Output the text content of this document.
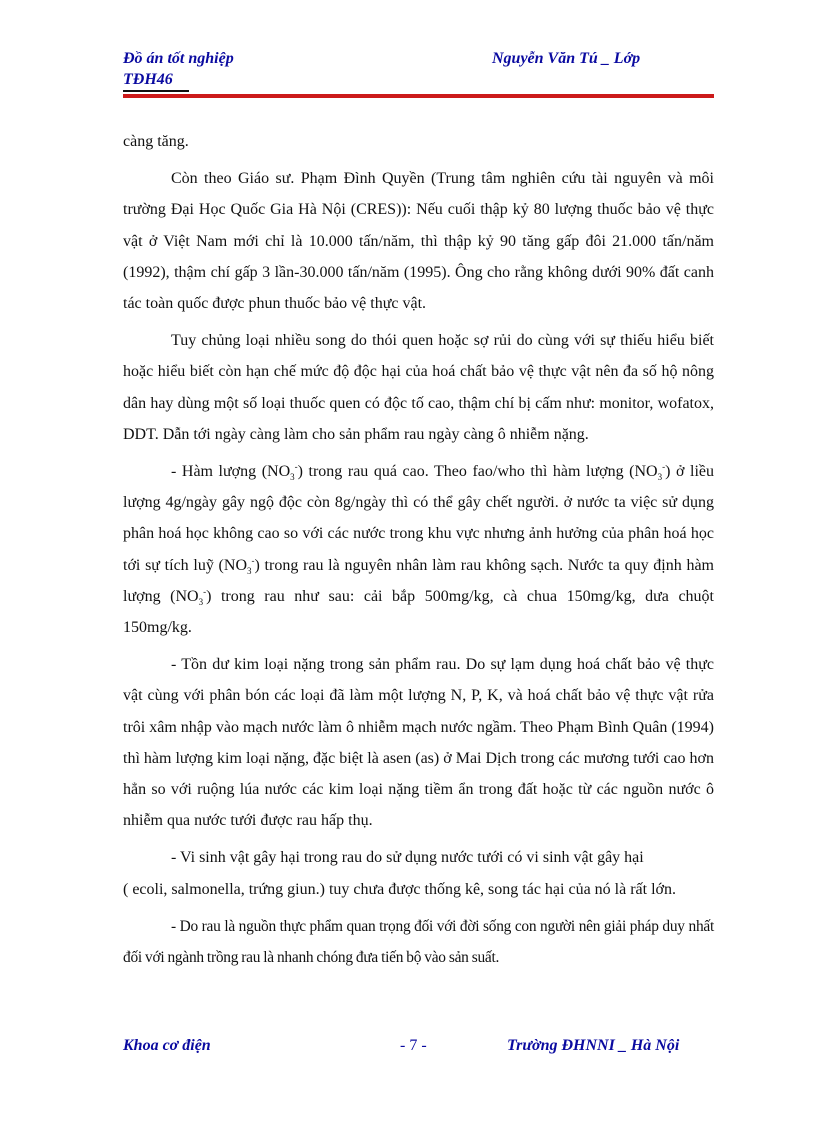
Đồ án tốt nghiệp
TĐH46
Nguyễn Văn Tú _ Lớp

càng tăng.

Còn theo Giáo sư. Phạm Đình Quyền (Trung tâm nghiên cứu tài nguyên và môi trường Đại Học Quốc Gia Hà Nội (CRES)): Nếu cuối thập kỷ 80 lượng thuốc bảo vệ thực vật ở Việt Nam mới chỉ là 10.000 tấn/năm, thì thập kỷ 90 tăng gấp đôi 21.000 tấn/năm (1992), thậm chí gấp 3 lần-30.000 tấn/năm (1995). Ông cho rằng không dưới 90% đất canh tác toàn quốc được phun thuốc bảo vệ thực vật.

Tuy chủng loại nhiều song do thói quen hoặc sợ rủi do cùng với sự thiếu hiểu biết hoặc hiểu biết còn hạn chế mức độ độc hại của hoá chất bảo vệ thực vật nên đa số hộ nông dân hay dùng một số loại thuốc quen có độc tố cao, thậm chí bị cấm như: monitor, wofatox, DDT. Dẫn tới ngày càng làm cho sản phẩm rau ngày càng ô nhiễm nặng.

- Hàm lượng $(NO_3^-)$ trong rau quá cao. Theo fao/who thì hàm lượng $(NO_3^-)$ ở liều lượng 4g/ngày gây ngộ độc còn 8g/ngày thì có thể gây chết người. ở nước ta việc sử dụng phân hoá học không cao so với các nước trong khu vực nhưng ảnh hưởng của phân hoá học tới sự tích luỹ $(NO_3^-)$ trong rau là nguyên nhân làm rau không sạch. Nước ta quy định hàm lượng $(NO_3^-)$ trong rau như sau: cải bắp 500mg/kg, cà chua 150mg/kg, dưa chuột 150mg/kg.

- Tồn dư kim loại nặng trong sản phẩm rau. Do sự lạm dụng hoá chất bảo vệ thực vật cùng với phân bón các loại đã làm một lượng N, P, K, và hoá chất bảo vệ thực vật rửa trôi xâm nhập vào mạch nước làm ô nhiễm mạch nước ngầm. Theo Phạm Bình Quân (1994) thì hàm lượng kim loại nặng, đặc biệt là asen (as) ở Mai Dịch trong các mương tưới cao hơn hẳn so với ruộng lúa nước các kim loại nặng tiềm ẩn trong đất hoặc từ các nguồn nước ô nhiễm qua nước tưới được rau hấp thụ.

- Vi sinh vật gây hại trong rau do sử dụng nước tưới có vi sinh vật gây hại
( ecoli, salmonella, trứng giun.) tuy chưa được thống kê, song tác hại của nó là rất lớn.

- Do rau là nguồn thực phẩm quan trọng đối với đời sống con người nên giải pháp duy nhất đối với ngành trồng rau là nhanh chóng đưa tiến bộ vào sản suất.

Khoa cơ điện	- 7 -	Trường ĐHNNI _ Hà Nội
